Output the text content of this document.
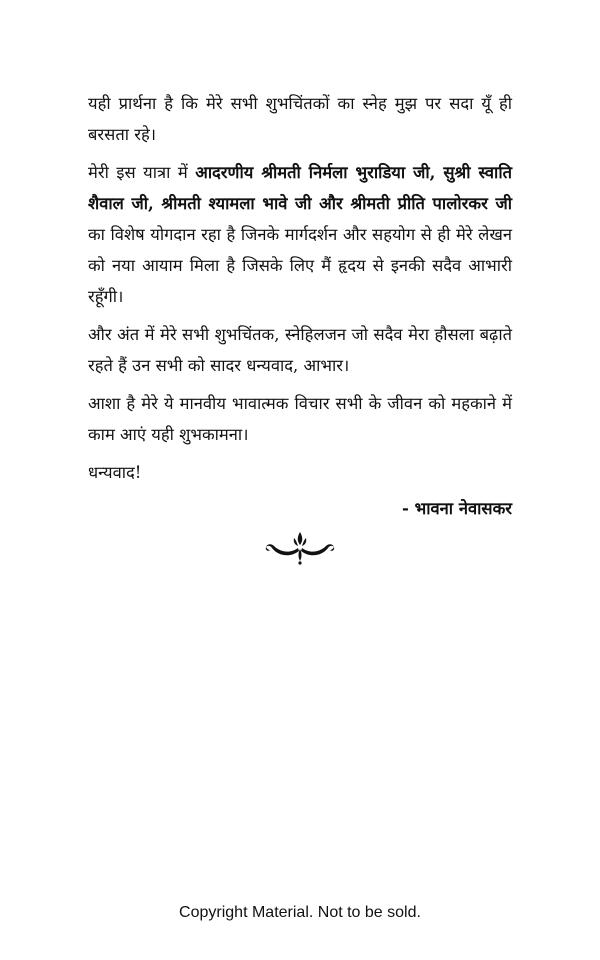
यही प्रार्थना है कि मेरे सभी शुभचिंतकों का स्नेह मुझ पर सदा यूँ ही बरसता रहे।

मेरी इस यात्रा में आदरणीय श्रीमती निर्मला भुराडिया जी, सुश्री स्वाति शैवाल जी, श्रीमती श्यामला भावे जी और श्रीमती प्रीति पालोरकर जी का विशेष योगदान रहा है जिनके मार्गदर्शन और सहयोग से ही मेरे लेखन को नया आयाम मिला है जिसके लिए मैं हृदय से इनकी सदैव आभारी रहूँगी।

और अंत में मेरे सभी शुभचिंतक, स्नेहिलजन जो सदैव मेरा हौसला बढ़ाते रहते हैं उन सभी को सादर धन्यवाद, आभार।

आशा है मेरे ये मानवीय भावात्मक विचार सभी के जीवन को महकाने में काम आएं यही शुभकामना।

धन्यवाद!

- भावना नेवासकर

Copyright Material. Not to be sold.
